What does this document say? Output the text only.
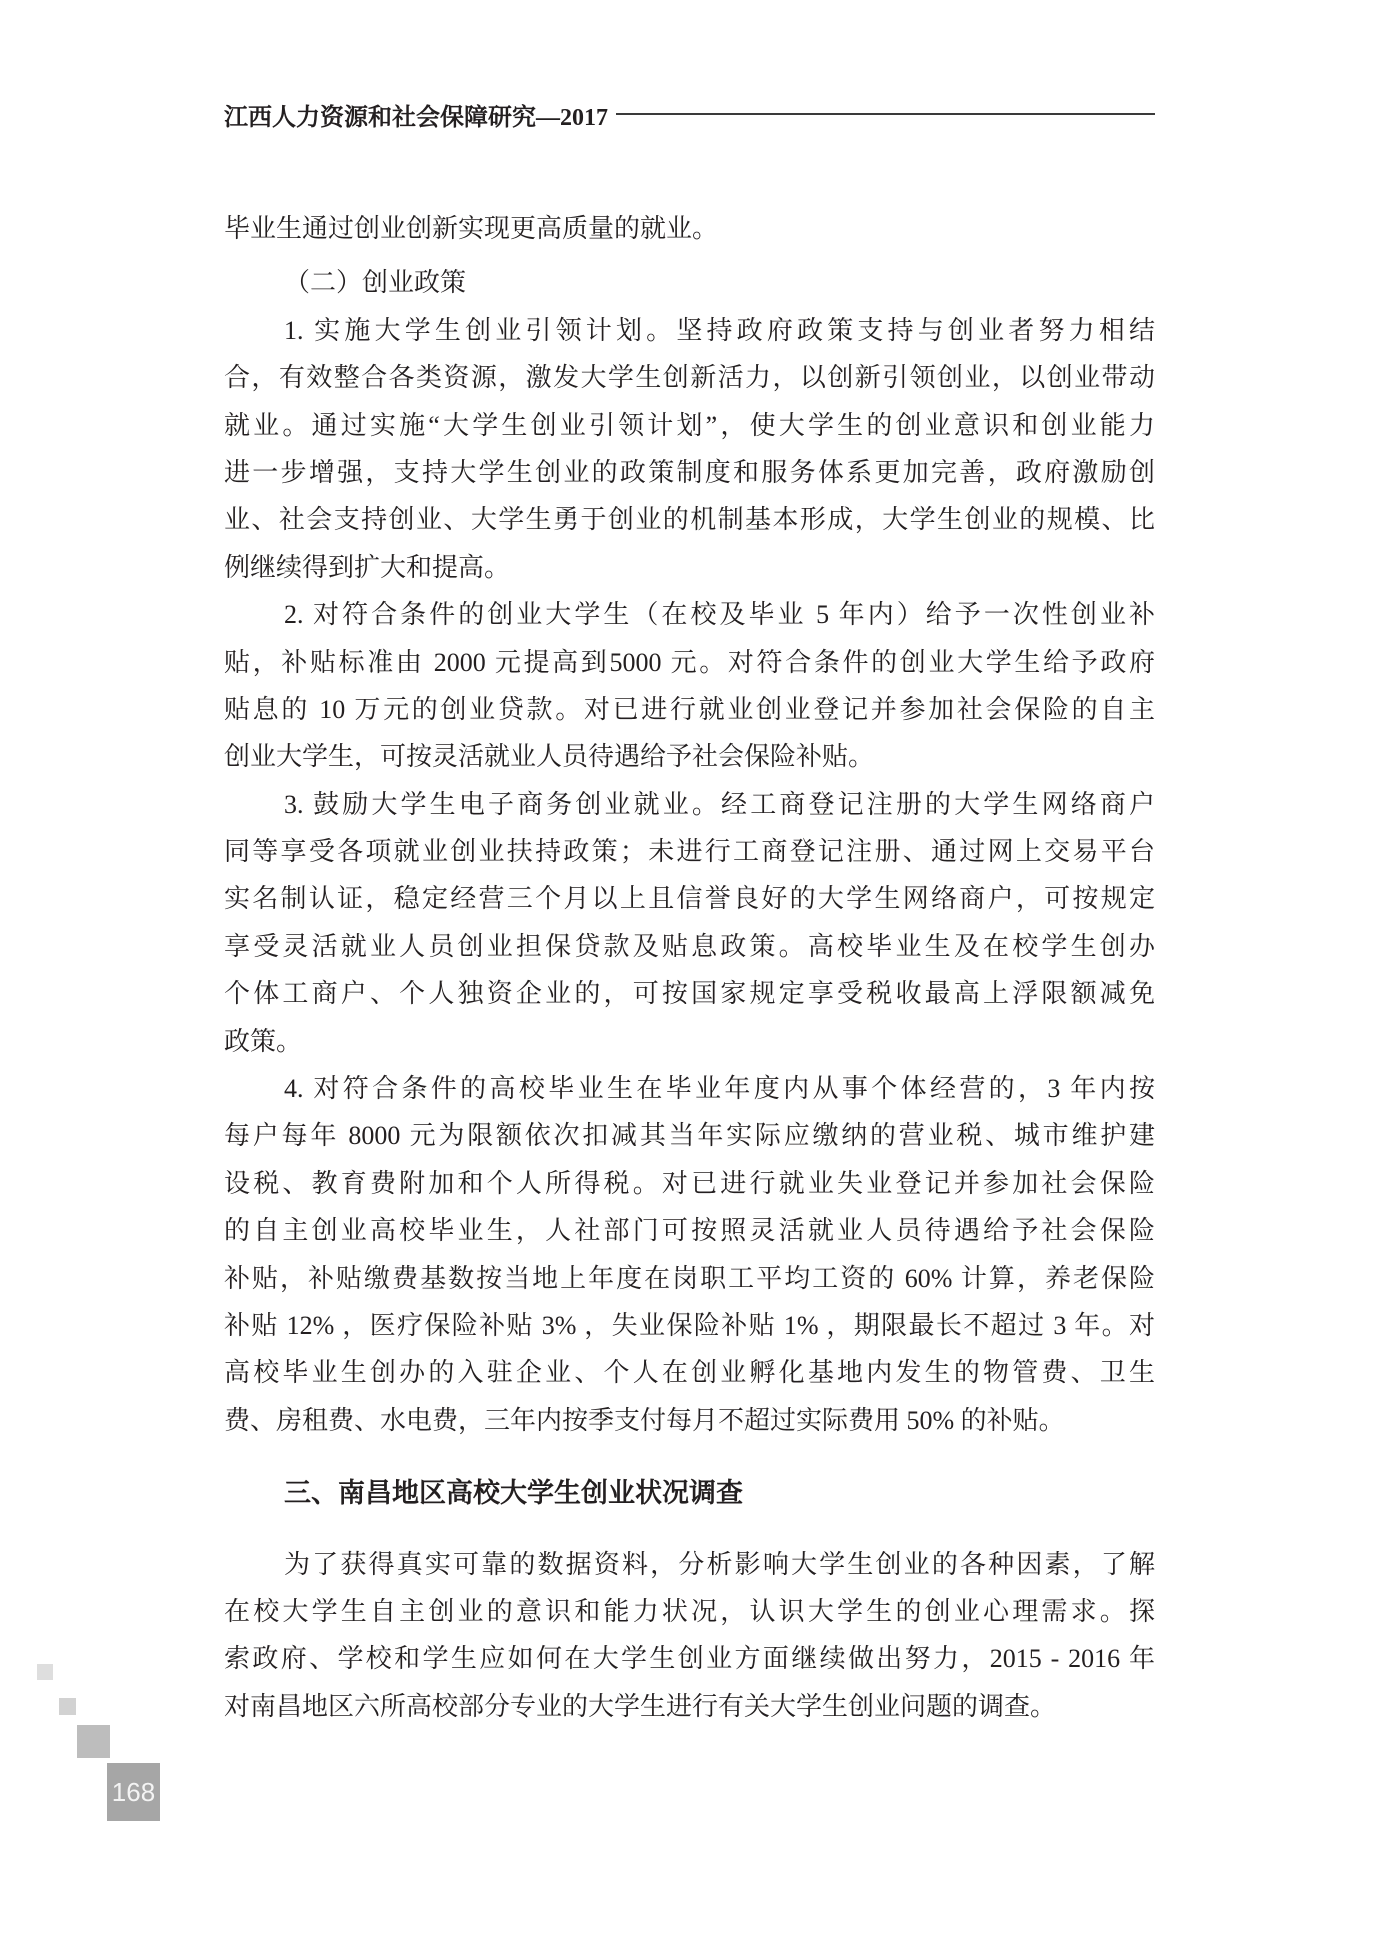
江西人力资源和社会保障研究—2017
毕业生通过创业创新实现更高质量的就业。
（二）创业政策
1. 实施大学生创业引领计划。坚持政府政策支持与创业者努力相结
合，有效整合各类资源，激发大学生创新活力，以创新引领创业，以创业带动
就业。通过实施“大学生创业引领计划”，使大学生的创业意识和创业能力
进一步增强，支持大学生创业的政策制度和服务体系更加完善，政府激励创
业、社会支持创业、大学生勇于创业的机制基本形成，大学生创业的规模、比
例继续得到扩大和提高。
2. 对符合条件的创业大学生（在校及毕业 5 年内）给予一次性创业补
贴，补贴标准由 2000 元提高到5000 元。对符合条件的创业大学生给予政府
贴息的 10 万元的创业贷款。对已进行就业创业登记并参加社会保险的自主
创业大学生，可按灵活就业人员待遇给予社会保险补贴。
3. 鼓励大学生电子商务创业就业。经工商登记注册的大学生网络商户
同等享受各项就业创业扶持政策；未进行工商登记注册、通过网上交易平台
实名制认证，稳定经营三个月以上且信誉良好的大学生网络商户，可按规定
享受灵活就业人员创业担保贷款及贴息政策。高校毕业生及在校学生创办
个体工商户、个人独资企业的，可按国家规定享受税收最高上浮限额减免
政策。
4. 对符合条件的高校毕业生在毕业年度内从事个体经营的，3 年内按
每户每年 8000 元为限额依次扣减其当年实际应缴纳的营业税、城市维护建
设税、教育费附加和个人所得税。对已进行就业失业登记并参加社会保险
的自主创业高校毕业生，人社部门可按照灵活就业人员待遇给予社会保险
补贴，补贴缴费基数按当地上年度在岗职工平均工资的 60% 计算，养老保险
补贴 12% ，医疗保险补贴 3% ，失业保险补贴 1% ，期限最长不超过 3 年。对
高校毕业生创办的入驻企业、个人在创业孵化基地内发生的物管费、卫生
费、房租费、水电费，三年内按季支付每月不超过实际费用 50% 的补贴。
三、南昌地区高校大学生创业状况调查
为了获得真实可靠的数据资料，分析影响大学生创业的各种因素，了解
在校大学生自主创业的意识和能力状况，认识大学生的创业心理需求。探
索政府、学校和学生应如何在大学生创业方面继续做出努力，2015 - 2016 年
对南昌地区六所高校部分专业的大学生进行有关大学生创业问题的调查。
168
